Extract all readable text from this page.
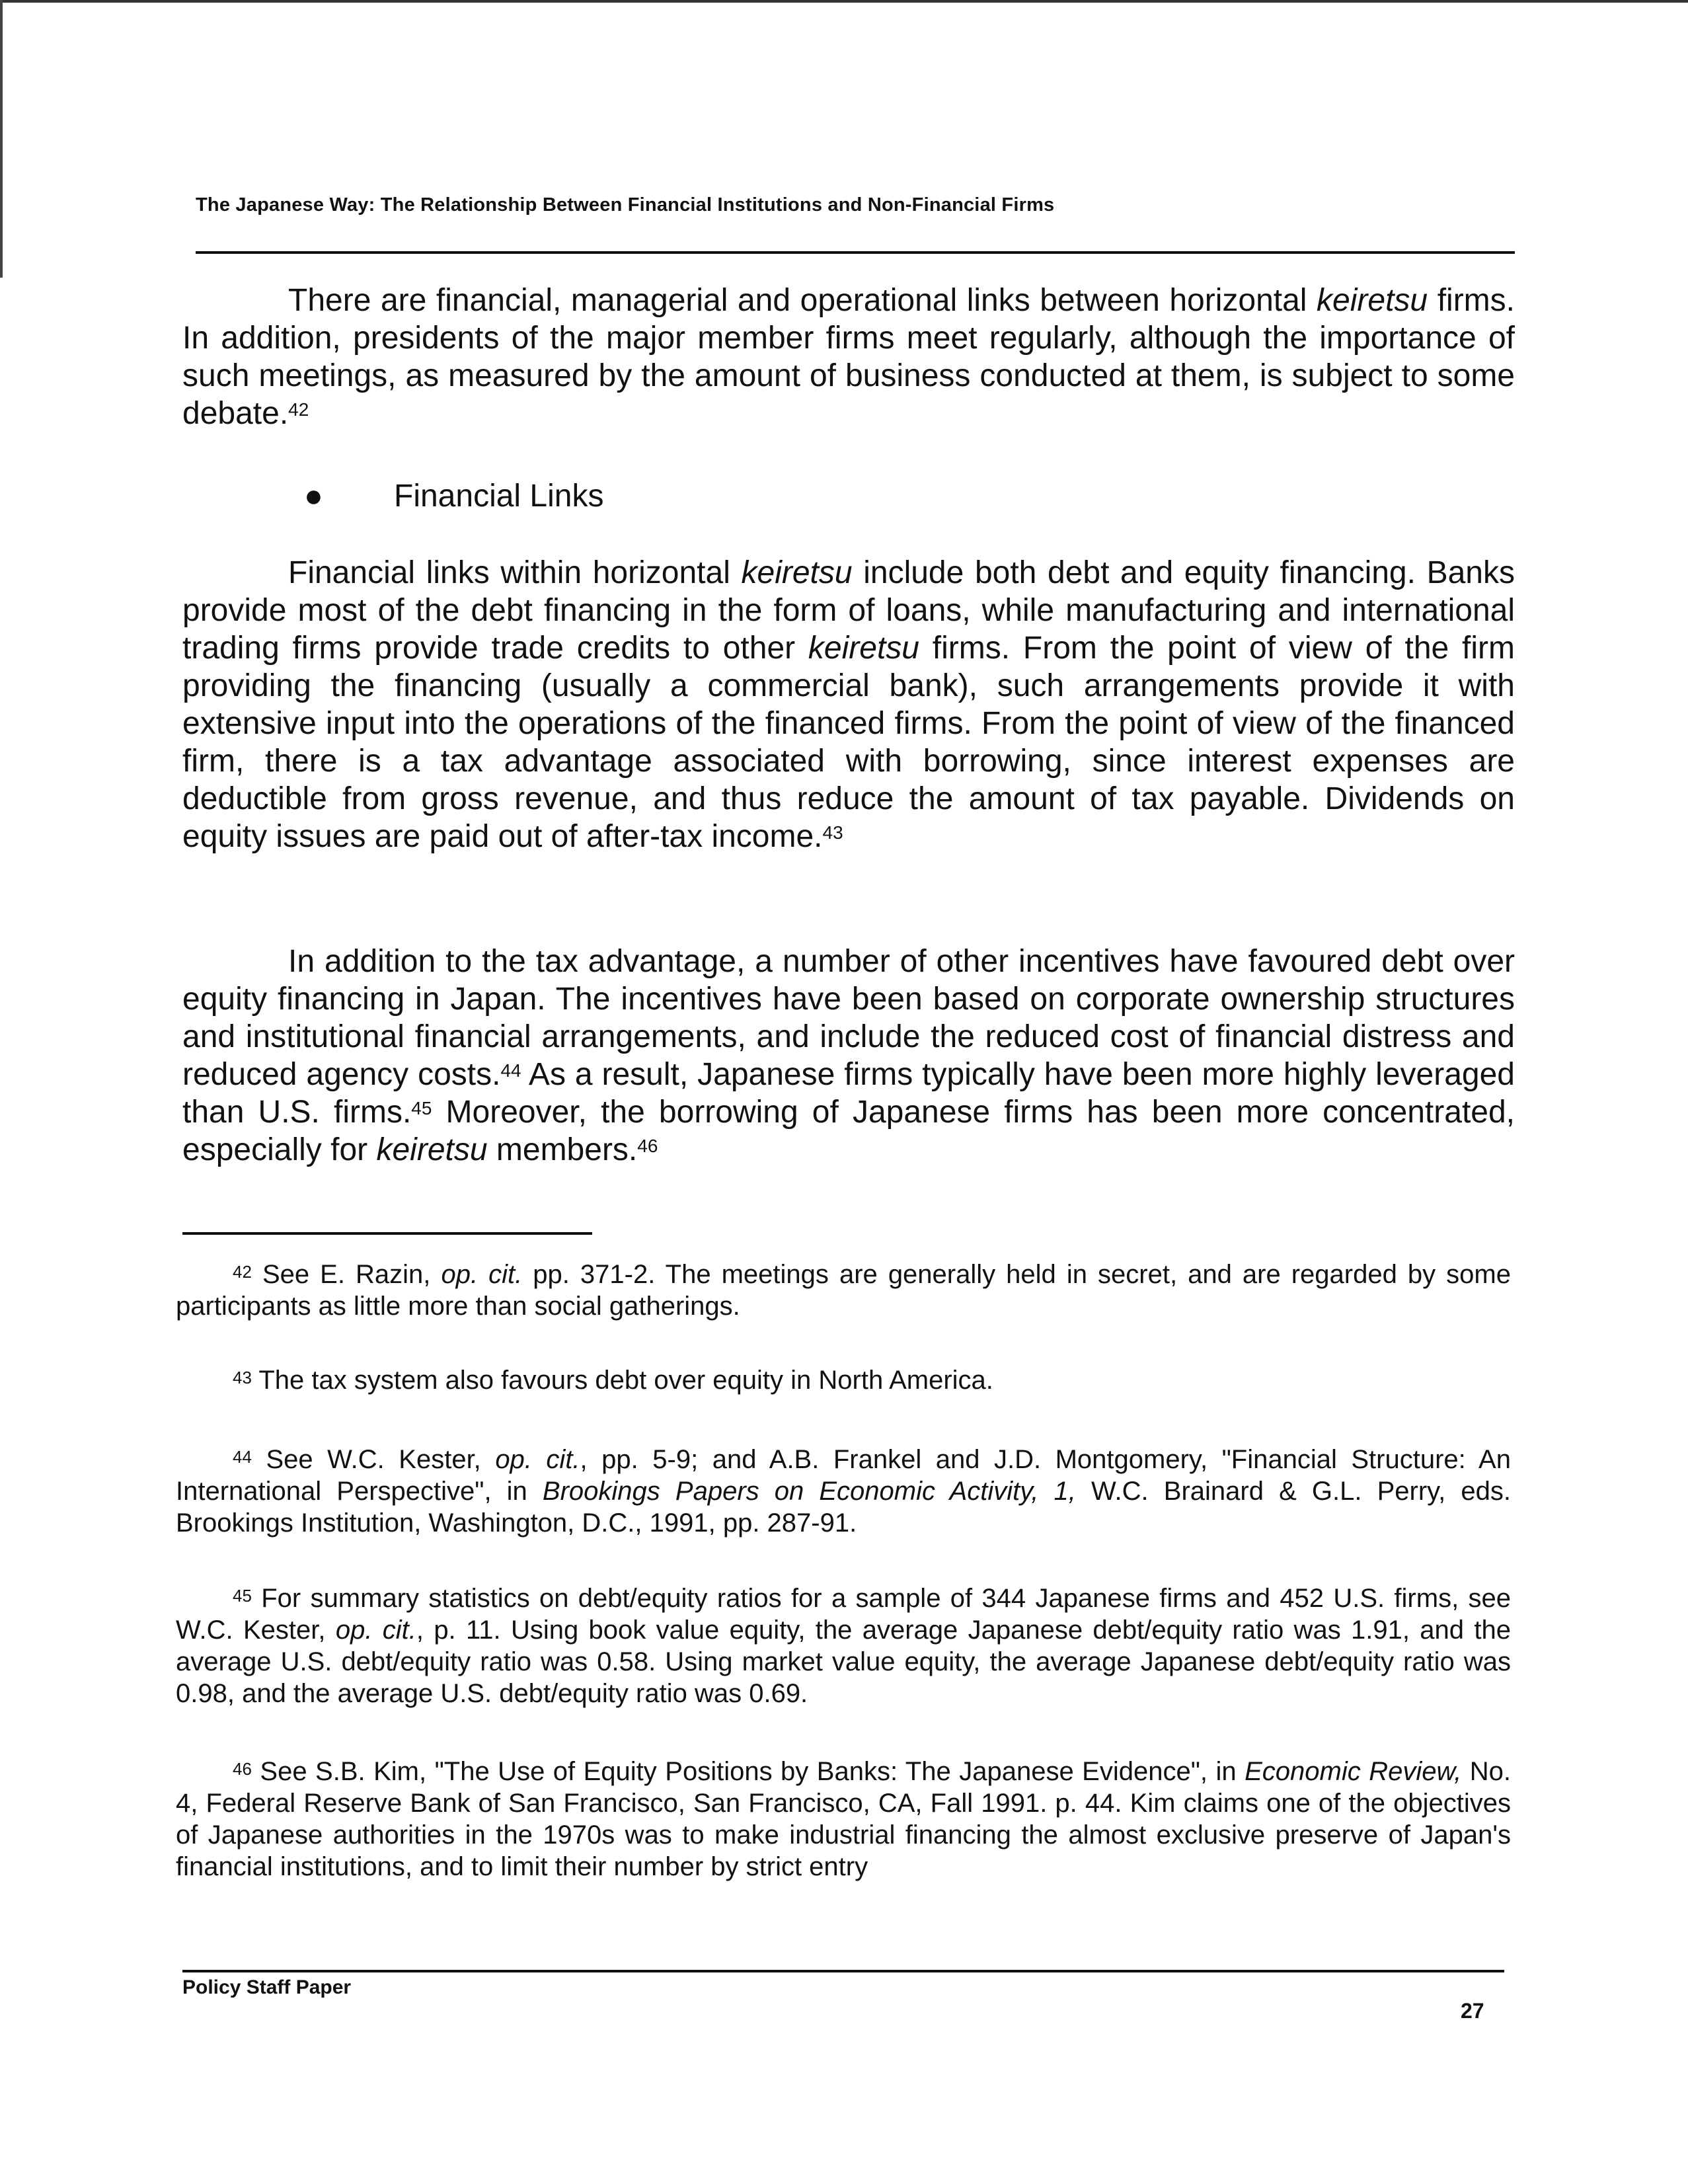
The Japanese Way: The Relationship Between Financial Institutions and Non-Financial Firms

There are financial, managerial and operational links between horizontal keiretsu firms. In addition, presidents of the major member firms meet regularly, although the importance of such meetings, as measured by the amount of business conducted at them, is subject to some debate.$^{42}$

● Financial Links

Financial links within horizontal keiretsu include both debt and equity financing. Banks provide most of the debt financing in the form of loans, while manufacturing and international trading firms provide trade credits to other keiretsu firms. From the point of view of the firm providing the financing (usually a commercial bank), such arrangements provide it with extensive input into the operations of the financed firms. From the point of view of the financed firm, there is a tax advantage associated with borrowing, since interest expenses are deductible from gross revenue, and thus reduce the amount of tax payable. Dividends on equity issues are paid out of after-tax income.$^{43}$

In addition to the tax advantage, a number of other incentives have favoured debt over equity financing in Japan. The incentives have been based on corporate ownership structures and institutional financial arrangements, and include the reduced cost of financial distress and reduced agency costs.$^{44}$ As a result, Japanese firms typically have been more highly leveraged than U.S. firms.$^{45}$ Moreover, the borrowing of Japanese firms has been more concentrated, especially for keiretsu members.$^{46}$

$^{42}$ See E. Razin, op. cit. pp. 371-2. The meetings are generally held in secret, and are regarded by some participants as little more than social gatherings.

$^{43}$ The tax system also favours debt over equity in North America.

$^{44}$ See W.C. Kester, op. cit., pp. 5-9; and A.B. Frankel and J.D. Montgomery, "Financial Structure: An International Perspective", in Brookings Papers on Economic Activity, 1, W.C. Brainard & G.L. Perry, eds. Brookings Institution, Washington, D.C., 1991, pp. 287-91.

$^{45}$ For summary statistics on debt/equity ratios for a sample of 344 Japanese firms and 452 U.S. firms, see W.C. Kester, op. cit., p. 11. Using book value equity, the average Japanese debt/equity ratio was 1.91, and the average U.S. debt/equity ratio was 0.58. Using market value equity, the average Japanese debt/equity ratio was 0.98, and the average U.S. debt/equity ratio was 0.69.

$^{46}$ See S.B. Kim, "The Use of Equity Positions by Banks: The Japanese Evidence", in Economic Review, No. 4, Federal Reserve Bank of San Francisco, San Francisco, CA, Fall 1991. p. 44. Kim claims one of the objectives of Japanese authorities in the 1970s was to make industrial financing the almost exclusive preserve of Japan's financial institutions, and to limit their number by strict entry

Policy Staff Paper
27
